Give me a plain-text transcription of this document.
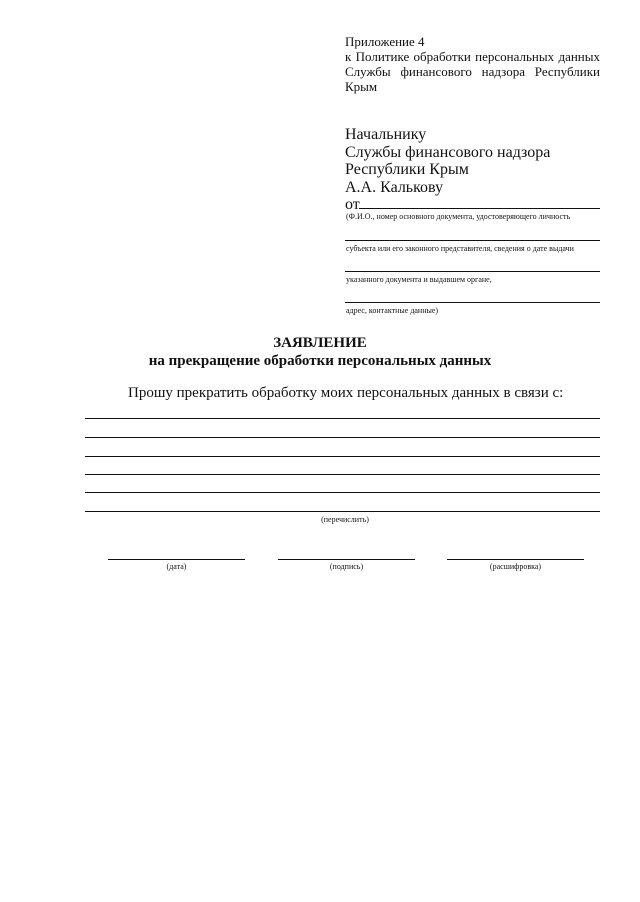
Приложение 4
к Политике обработки персональных данных
Службы финансового надзора Республики
Крым
Начальнику
Службы финансового надзора
Республики Крым
А.А. Калькову
от
(Ф.И.О., номер основного документа, удостоверяющего личность
субъекта или его законного представителя, сведения о дате выдачи
указанного документа и выдавшем органе,
адрес, контактные данные)
ЗАЯВЛЕНИЕ
на прекращение обработки персональных данных
Прошу прекратить обработку моих персональных данных в связи с:
(перечислить)
(дата)	(подпись)	(расшифровка)
